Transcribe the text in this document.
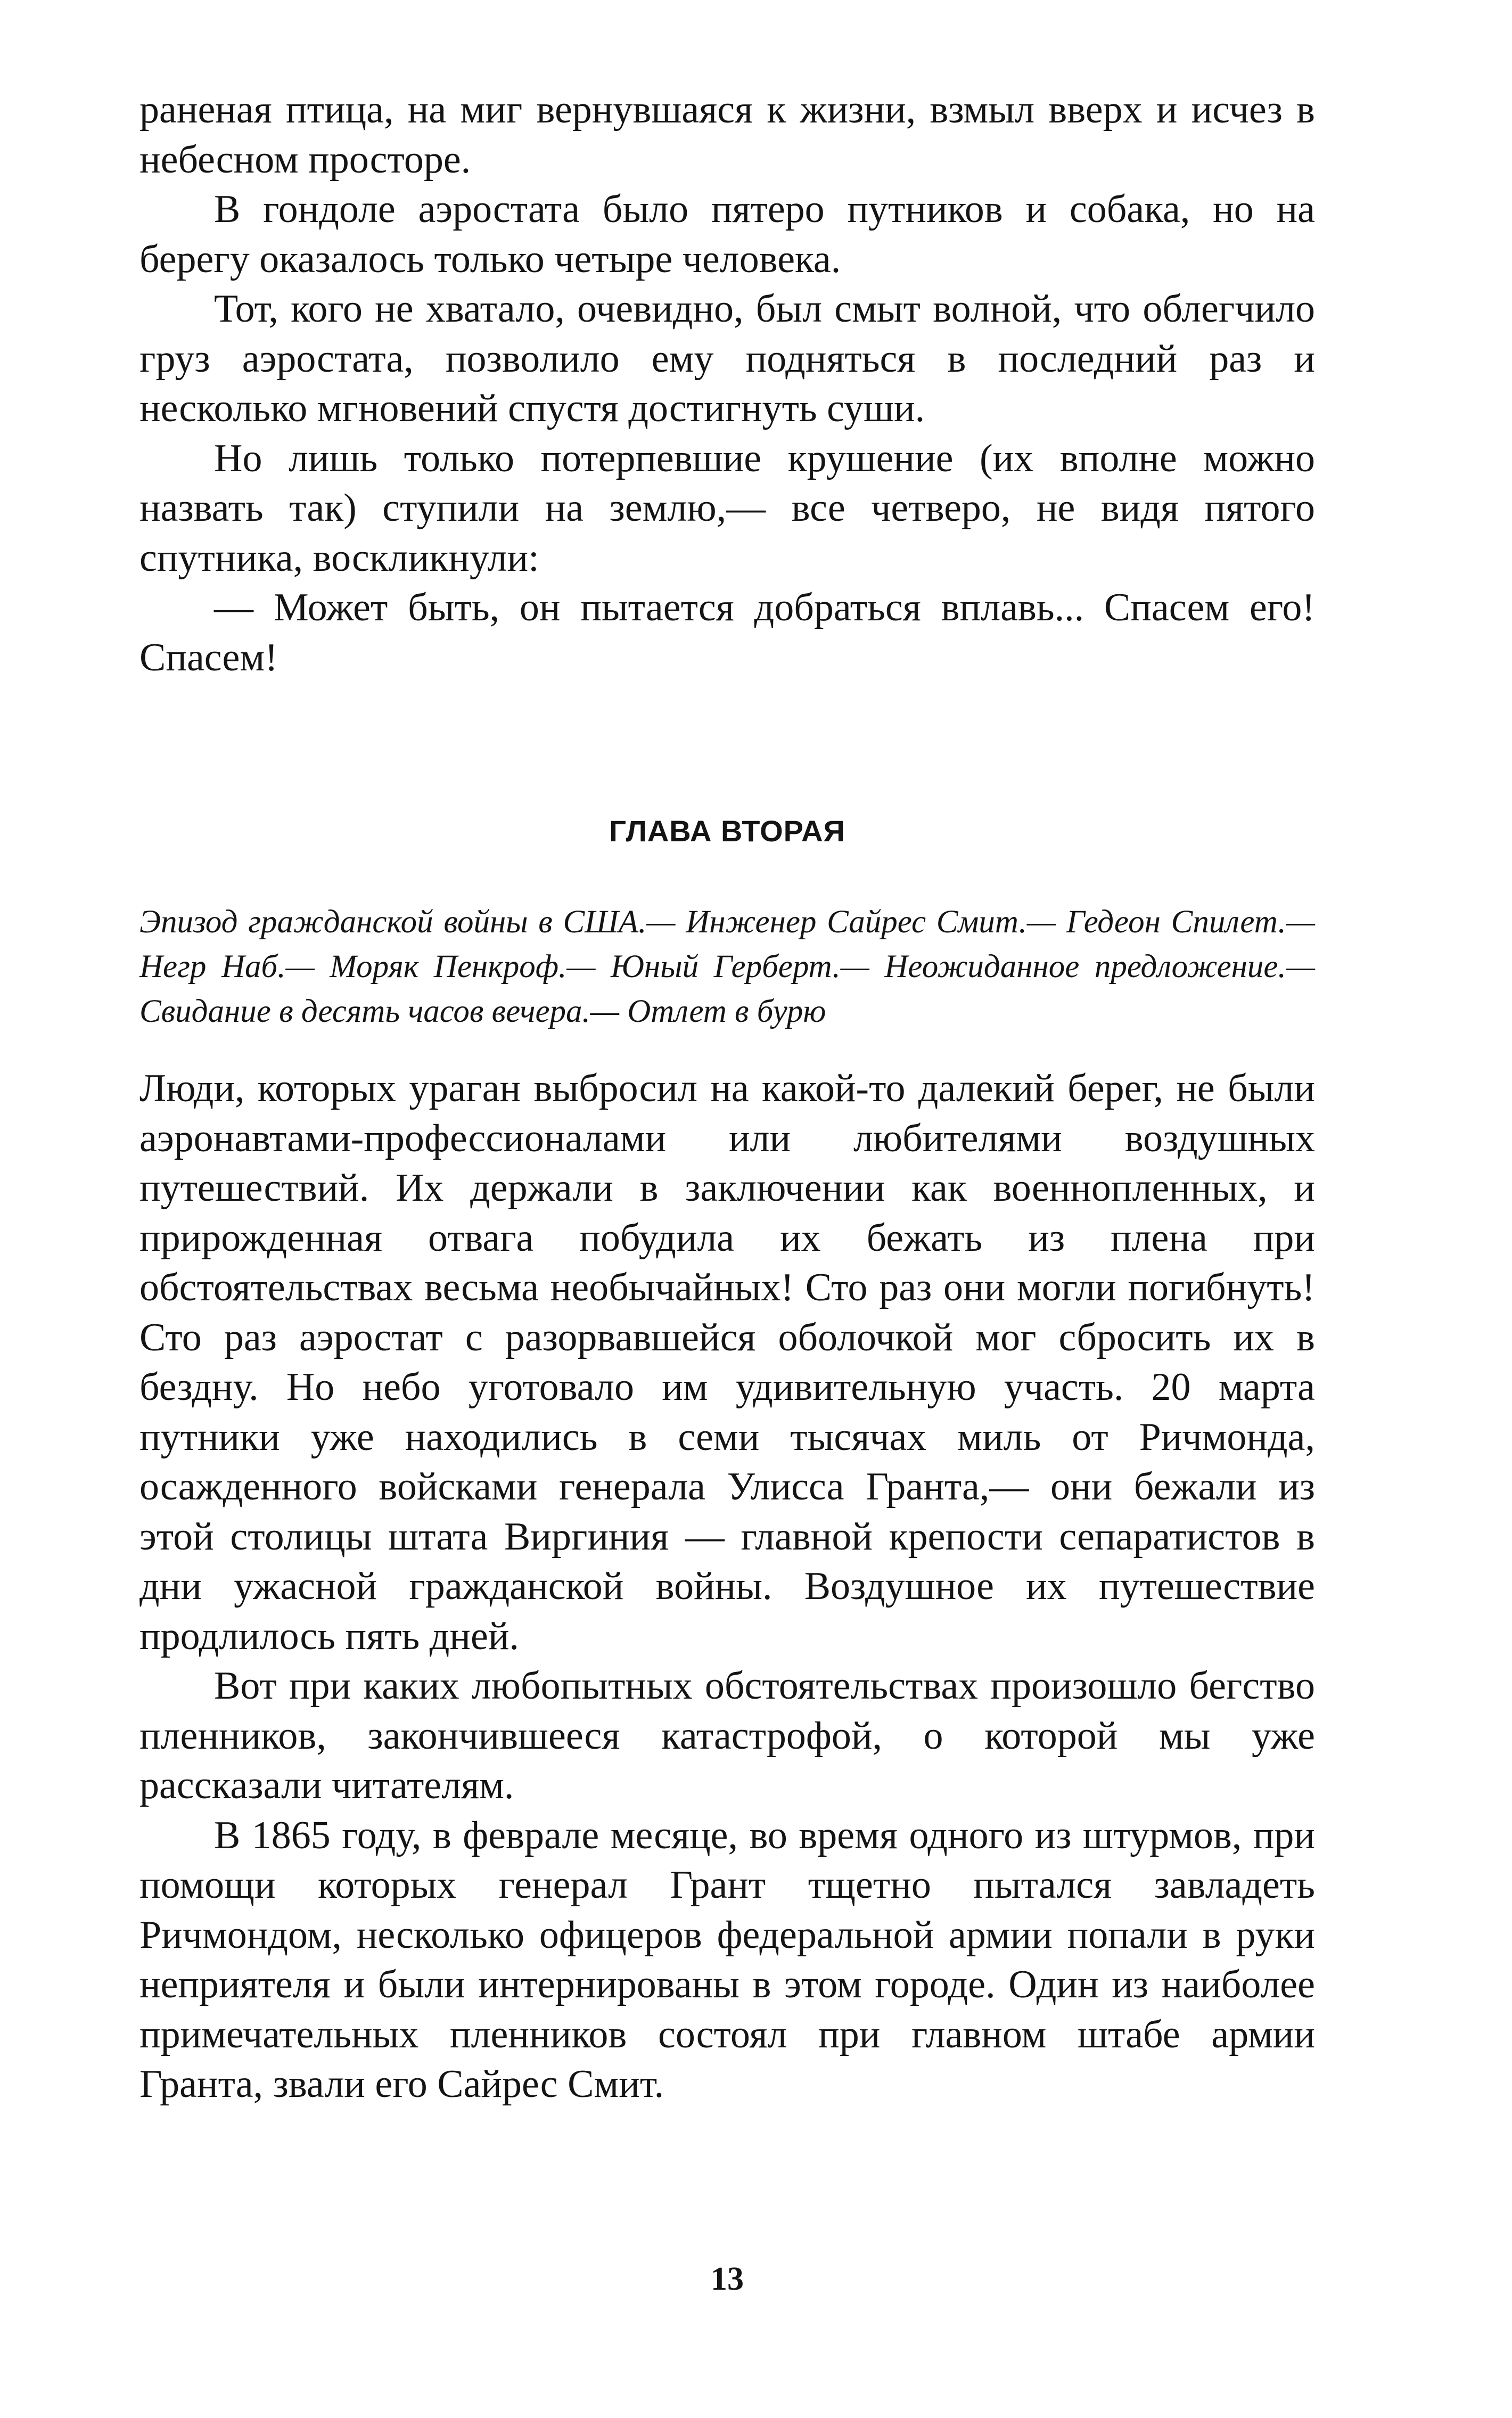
раненая птица, на миг вернувшаяся к жизни, взмыл вверх и исчез в небесном просторе.

В гондоле аэростата было пятеро путников и собака, но на берегу оказалось только четыре человека.

Тот, кого не хватало, очевидно, был смыт волной, что облегчило груз аэростата, позволило ему подняться в последний раз и несколько мгновений спустя достигнуть суши.

Но лишь только потерпевшие крушение (их вполне можно назвать так) ступили на землю,— все четверо, не видя пятого спутника, воскликнули:

— Может быть, он пытается добраться вплавь... Спасем его! Спасем!

ГЛАВА ВТОРАЯ

Эпизод гражданской войны в США.— Инженер Сайрес Смит.— Гедеон Спилет.— Негр Наб.— Моряк Пенкроф.— Юный Герберт.— Неожиданное предложение.— Свидание в десять часов вечера.— Отлет в бурю

Люди, которых ураган выбросил на какой-то далекий берег, не были аэронавтами-профессионалами или любителями воздушных путешествий. Их держали в заключении как военнопленных, и прирожденная отвага побудила их бежать из плена при обстоятельствах весьма необычайных! Сто раз они могли погибнуть! Сто раз аэростат с разорвавшейся оболочкой мог сбросить их в бездну. Но небо уготовало им удивительную участь. 20 марта путники уже находились в семи тысячах миль от Ричмонда, осажденного войсками генерала Улисса Гранта,— они бежали из этой столицы штата Виргиния — главной крепости сепаратистов в дни ужасной гражданской войны. Воздушное их путешествие продлилось пять дней.

Вот при каких любопытных обстоятельствах произошло бегство пленников, закончившееся катастрофой, о которой мы уже рассказали читателям.

В 1865 году, в феврале месяце, во время одного из штурмов, при помощи которых генерал Грант тщетно пытался завладеть Ричмондом, несколько офицеров федеральной армии попали в руки неприятеля и были интернированы в этом городе. Один из наиболее примечательных пленников состоял при главном штабе армии Гранта, звали его Сайрес Смит.

13
